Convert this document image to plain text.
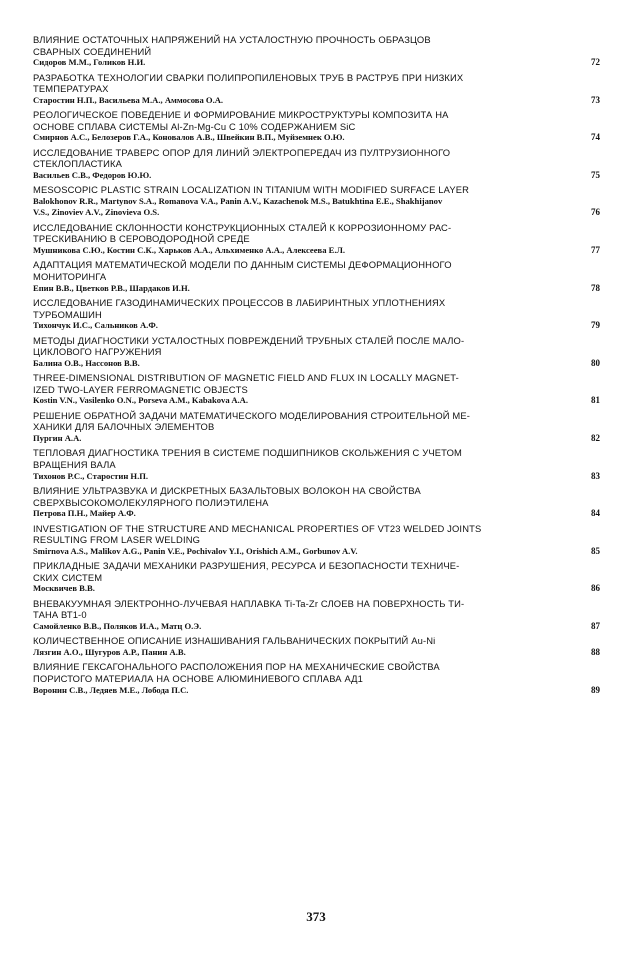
ВЛИЯНИЕ ОСТАТОЧНЫХ НАПРЯЖЕНИЙ НА УСТАЛОСТНУЮ ПРОЧНОСТЬ ОБРАЗЦОВ
СВАРНЫХ СОЕДИНЕНИЙ
Сидоров М.М., Голиков Н.И.	72
РАЗРАБОТКА ТЕХНОЛОГИИ СВАРКИ ПОЛИПРОПИЛЕНОВЫХ ТРУБ В РАСТРУБ ПРИ НИЗКИХ
ТЕМПЕРАТУРАХ
Старостин Н.П., Васильева М.А., Аммосова О.А.	73
РЕОЛОГИЧЕСКОЕ ПОВЕДЕНИЕ И ФОРМИРОВАНИЕ МИКРОСТРУКТУРЫ КОМПОЗИТА НА
ОСНОВЕ СПЛАВА СИСТЕМЫ Al-Zn-Mg-Cu С 10% СОДЕРЖАНИЕМ SiC
Смирнов А.С., Белозеров Г.А., Коновалов А.В., Швейкин В.П., Муйземнек О.Ю.	74
ИССЛЕДОВАНИЕ ТРАВЕРС ОПОР ДЛЯ ЛИНИЙ ЭЛЕКТРОПЕРЕДАЧ ИЗ ПУЛТРУЗИОННОГО
СТЕКЛОПЛАСТИКА
Васильев С.В., Федоров Ю.Ю.	75
MESOSCOPIC PLASTIC STRAIN LOCALIZATION IN TITANIUM WITH MODIFIED SURFACE LAYER
Balokhonov R.R., Martynov S.A., Romanova V.A., Panin A.V., Kazachenok M.S., Batukhtina E.E., Shakhijanov
V.S., Zinoviev A.V., Zinovieva O.S.	76
ИССЛЕДОВАНИЕ СКЛОННОСТИ КОНСТРУКЦИОННЫХ СТАЛЕЙ К КОРРОЗИОННОМУ РАС-
ТРЕСКИВАНИЮ В СЕРОВОДОРОДНОЙ СРЕДЕ
Мушникова С.Ю., Костин С.К., Харьков А.А., Альхименко А.А., Алексеева Е.Л.	77
АДАПТАЦИЯ МАТЕМАТИЧЕСКОЙ МОДЕЛИ ПО ДАННЫМ СИСТЕМЫ ДЕФОРМАЦИОННОГО
МОНИТОРИНГА
Епин В.В., Цветков Р.В., Шардаков И.Н.	78
ИССЛЕДОВАНИЕ ГАЗОДИНАМИЧЕСКИХ ПРОЦЕССОВ В ЛАБИРИНТНЫХ УПЛОТНЕНИЯХ
ТУРБОМАШИН
Тихончук И.С., Сальников А.Ф.	79
МЕТОДЫ ДИАГНОСТИКИ УСТАЛОСТНЫХ ПОВРЕЖДЕНИЙ ТРУБНЫХ СТАЛЕЙ ПОСЛЕ МАЛО-
ЦИКЛОВОГО НАГРУЖЕНИЯ
Балина О.В., Нассонов В.В.	80
THREE-DIMENSIONAL DISTRIBUTION OF MAGNETIC FIELD AND FLUX IN LOCALLY MAGNET-
IZED TWO-LAYER FERROMAGNETIC OBJECTS
Kostin V.N., Vasilenko O.N., Porseva A.M., Kabakova A.A.	81
РЕШЕНИЕ ОБРАТНОЙ ЗАДАЧИ МАТЕМАТИЧЕСКОГО МОДЕЛИРОВАНИЯ СТРОИТЕЛЬНОЙ МЕ-
ХАНИКИ ДЛЯ БАЛОЧНЫХ ЭЛЕМЕНТОВ
Пургин А.А.	82
ТЕПЛОВАЯ ДИАГНОСТИКА ТРЕНИЯ В СИСТЕМЕ ПОДШИПНИКОВ СКОЛЬЖЕНИЯ С УЧЕТОМ
ВРАЩЕНИЯ ВАЛА
Тихонов Р.С., Старостин Н.П.	83
ВЛИЯНИЕ УЛЬТРАЗВУКА И ДИСКРЕТНЫХ БАЗАЛЬТОВЫХ ВОЛОКОН НА СВОЙСТВА
СВЕРХВЫСОКОМОЛЕКУЛЯРНОГО ПОЛИЭТИЛЕНА
Петрова П.Н., Майер А.Ф.	84
INVESTIGATION OF THE STRUCTURE AND MECHANICAL PROPERTIES OF VT23 WELDED JOINTS
RESULTING FROM LASER WELDING
Smirnova A.S., Malikov A.G., Panin V.E., Pochivalov Y.I., Orishich A.M., Gorbunov A.V.	85
ПРИКЛАДНЫЕ ЗАДАЧИ МЕХАНИКИ РАЗРУШЕНИЯ, РЕСУРСА И БЕЗОПАСНОСТИ ТЕХНИЧЕ-
СКИХ СИСТЕМ
Москвичев В.В.	86
ВНЕВАКУУМНАЯ ЭЛЕКТРОННО-ЛУЧЕВАЯ НАПЛАВКА Ti-Ta-Zr СЛОЕВ НА ПОВЕРХНОСТЬ ТИ-
ТАНА ВТ1-0
Самойленко В.В., Поляков И.А., Матц О.Э.	87
КОЛИЧЕСТВЕННОЕ ОПИСАНИЕ ИЗНАШИВАНИЯ ГАЛЬВАНИЧЕСКИХ ПОКРЫТИЙ Au-Ni
Лязгин А.О., Шугуров А.Р., Панин А.В.	88
ВЛИЯНИЕ ГЕКСАГОНАЛЬНОГО РАСПОЛОЖЕНИЯ ПОР НА МЕХАНИЧЕСКИЕ СВОЙСТВА
ПОРИСТОГО МАТЕРИАЛА НА ОСНОВЕ АЛЮМИНИЕВОГО СПЛАВА АД1
Воронин С.В., Ледяев М.Е., Лобода П.С.	89
373
